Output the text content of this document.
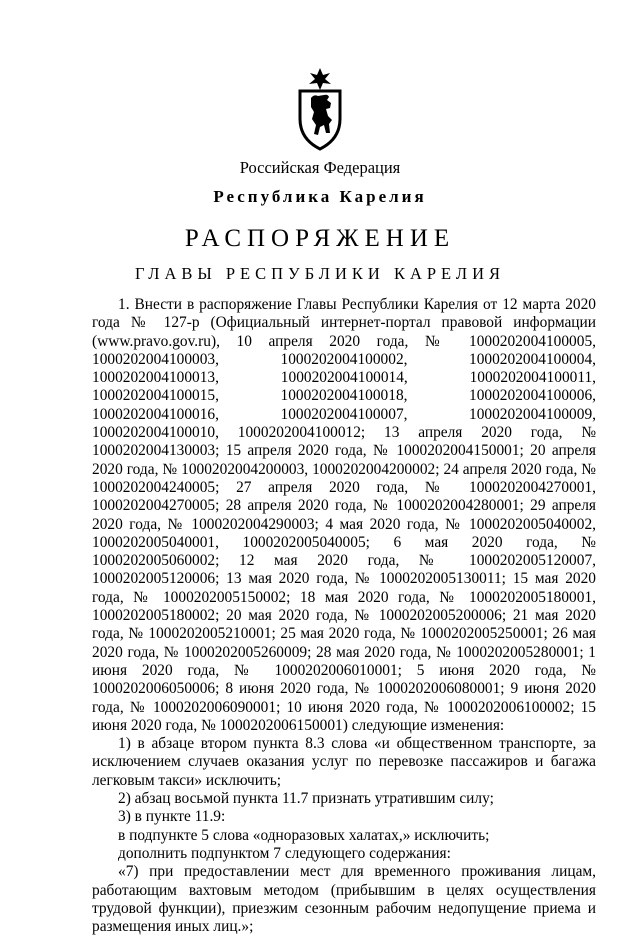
Российская Федерация
Республика Карелия
РАСПОРЯЖЕНИЕ
ГЛАВЫ РЕСПУБЛИКИ КАРЕЛИЯ

1. Внести в распоряжение Главы Республики Карелия от 12 марта 2020 года № 127-р (Официальный интернет-портал правовой информации (www.pravo.gov.ru), 10 апреля 2020 года, № 1000202004100005, 1000202004100003, 1000202004100002, 1000202004100004, 1000202004100013, 1000202004100014, 1000202004100011, 1000202004100015, 1000202004100018, 1000202004100006, 1000202004100016, 1000202004100007, 1000202004100009, 1000202004100010, 1000202004100012; 13 апреля 2020 года, № 1000202004130003; 15 апреля 2020 года, № 1000202004150001; 20 апреля 2020 года, № 1000202004200003, 1000202004200002; 24 апреля 2020 года, № 1000202004240005; 27 апреля 2020 года, № 1000202004270001, 1000202004270005; 28 апреля 2020 года, № 1000202004280001; 29 апреля 2020 года, № 1000202004290003; 4 мая 2020 года, № 1000202005040002, 1000202005040001, 1000202005040005; 6 мая 2020 года, № 1000202005060002; 12 мая 2020 года, № 1000202005120007, 1000202005120006; 13 мая 2020 года, № 1000202005130011; 15 мая 2020 года, № 1000202005150002; 18 мая 2020 года, № 1000202005180001, 1000202005180002; 20 мая 2020 года, № 1000202005200006; 21 мая 2020 года, № 1000202005210001; 25 мая 2020 года, № 1000202005250001; 26 мая 2020 года, № 1000202005260009; 28 мая 2020 года, № 1000202005280001; 1 июня 2020 года, № 1000202006010001; 5 июня 2020 года, № 1000202006050006; 8 июня 2020 года, № 1000202006080001; 9 июня 2020 года, № 1000202006090001; 10 июня 2020 года, № 1000202006100002; 15 июня 2020 года, № 1000202006150001) следующие изменения:

1) в абзаце втором пункта 8.3 слова «и общественном транспорте, за исключением случаев оказания услуг по перевозке пассажиров и багажа легковым такси» исключить;

2) абзац восьмой пункта 11.7 признать утратившим силу;

3) в пункте 11.9:

в подпункте 5 слова «одноразовых халатах,» исключить;

дополнить подпунктом 7 следующего содержания:

«7) при предоставлении мест для временного проживания лицам, работающим вахтовым методом (прибывшим в целях осуществления трудовой функции), приезжим сезонным рабочим недопущение приема и размещения иных лиц.»;
